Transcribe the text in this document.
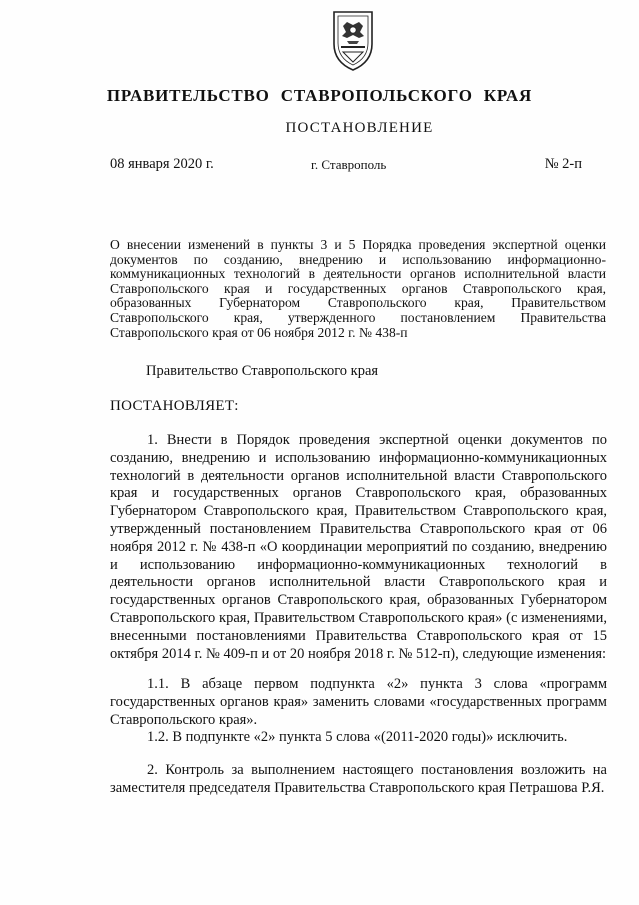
ПРАВИТЕЛЬСТВО СТАВРОПОЛЬСКОГО КРАЯ
ПОСТАНОВЛЕНИЕ
08 января 2020 г.	г. Ставрополь	№ 2-п
О внесении изменений в пункты 3 и 5 Порядка проведения экспертной оценки документов по созданию, внедрению и использованию информационно-коммуникационных технологий в деятельности органов исполнительной власти Ставропольского края и государственных органов Ставропольского края, образованных Губернатором Ставропольского края, Правительством Ставропольского края, утвержденного постановлением Правительства Ставропольского края от 06 ноября 2012 г. № 438-п
Правительство Ставропольского края
ПОСТАНОВЛЯЕТ:

1. Внести в Порядок проведения экспертной оценки документов по созданию, внедрению и использованию информационно-коммуникационных технологий в деятельности органов исполнительной власти Ставропольского края и государственных органов Ставропольского края, образованных Губернатором Ставропольского края, Правительством Ставропольского края, утвержденный постановлением Правительства Ставропольского края от 06 ноября 2012 г. № 438-п «О координации мероприятий по созданию, внедрению и использованию информационно-коммуникационных технологий в деятельности органов исполнительной власти Ставропольского края и государственных органов Ставропольского края, образованных Губернатором Ставропольского края, Правительством Ставропольского края» (с изменениями, внесенными постановлениями Правительства Ставропольского края от 15 октября 2014 г. № 409-п и от 20 ноября 2018 г. № 512-п), следующие изменения:

1.1. В абзаце первом подпункта «2» пункта 3 слова «программ государственных органов края» заменить словами «государственных программ Ставропольского края».

1.2. В подпункте «2» пункта 5 слова «(2011-2020 годы)» исключить.

2. Контроль за выполнением настоящего постановления возложить на заместителя председателя Правительства Ставропольского края Петрашова Р.Я.
